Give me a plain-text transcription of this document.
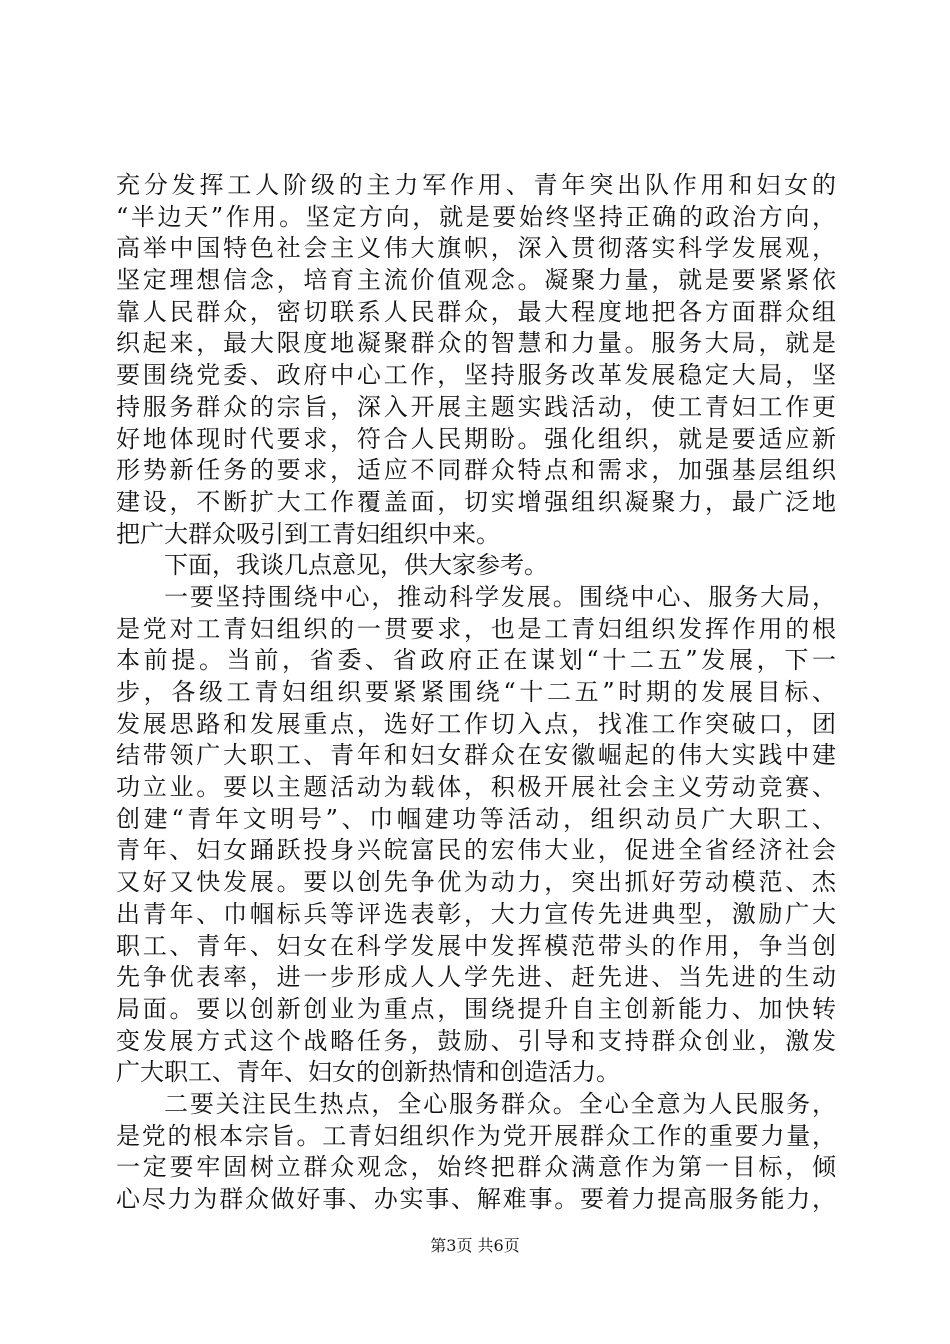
充分发挥工人阶级的主力军作用、青年突出队作用和妇女的
“半边天”作用。坚定方向，就是要始终坚持正确的政治方向，
高举中国特色社会主义伟大旗帜，深入贯彻落实科学发展观，
坚定理想信念，培育主流价值观念。凝聚力量，就是要紧紧依
靠人民群众，密切联系人民群众，最大程度地把各方面群众组
织起来，最大限度地凝聚群众的智慧和力量。服务大局，就是
要围绕党委、政府中心工作，坚持服务改革发展稳定大局，坚
持服务群众的宗旨，深入开展主题实践活动，使工青妇工作更
好地体现时代要求，符合人民期盼。强化组织，就是要适应新
形势新任务的要求，适应不同群众特点和需求，加强基层组织
建设，不断扩大工作覆盖面，切实增强组织凝聚力，最广泛地
把广大群众吸引到工青妇组织中来。
下面，我谈几点意见，供大家参考。
一要坚持围绕中心，推动科学发展。围绕中心、服务大局，
是党对工青妇组织的一贯要求，也是工青妇组织发挥作用的根
本前提。当前，省委、省政府正在谋划“十二五”发展，下一
步，各级工青妇组织要紧紧围绕“十二五”时期的发展目标、
发展思路和发展重点，选好工作切入点，找准工作突破口，团
结带领广大职工、青年和妇女群众在安徽崛起的伟大实践中建
功立业。要以主题活动为载体，积极开展社会主义劳动竞赛、
创建“青年文明号”、巾帼建功等活动，组织动员广大职工、
青年、妇女踊跃投身兴皖富民的宏伟大业，促进全省经济社会
又好又快发展。要以创先争优为动力，突出抓好劳动模范、杰
出青年、巾帼标兵等评选表彰，大力宣传先进典型，激励广大
职工、青年、妇女在科学发展中发挥模范带头的作用，争当创
先争优表率，进一步形成人人学先进、赶先进、当先进的生动
局面。要以创新创业为重点，围绕提升自主创新能力、加快转
变发展方式这个战略任务，鼓励、引导和支持群众创业，激发
广大职工、青年、妇女的创新热情和创造活力。
二要关注民生热点，全心服务群众。全心全意为人民服务，
是党的根本宗旨。工青妇组织作为党开展群众工作的重要力量，
一定要牢固树立群众观念，始终把群众满意作为第一目标，倾
心尽力为群众做好事、办实事、解难事。要着力提高服务能力，
第3页 共6页
